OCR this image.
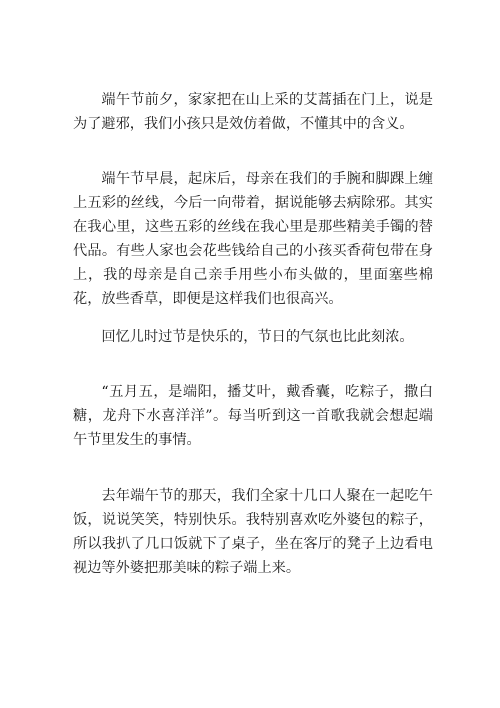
端午节前夕，家家把在山上采的艾蒿插在门上，说是为了避邪，我们小孩只是效仿着做，不懂其中的含义。

端午节早晨，起床后，母亲在我们的手腕和脚踝上缠上五彩的丝线，今后一向带着，据说能够去病除邪。其实在我心里，这些五彩的丝线在我心里是那些精美手镯的替代品。有些人家也会花些钱给自己的小孩买香荷包带在身上，我的母亲是自己亲手用些小布头做的，里面塞些棉花，放些香草，即便是这样我们也很高兴。

回忆儿时过节是快乐的，节日的气氛也比此刻浓。

“五月五，是端阳，播艾叶，戴香囊，吃粽子，撒白糖，龙舟下水喜洋洋”。每当听到这一首歌我就会想起端午节里发生的事情。

去年端午节的那天，我们全家十几口人聚在一起吃午饭，说说笑笑，特别快乐。我特别喜欢吃外婆包的粽子，所以我扒了几口饭就下了桌子，坐在客厅的凳子上边看电视边等外婆把那美味的粽子端上来。
